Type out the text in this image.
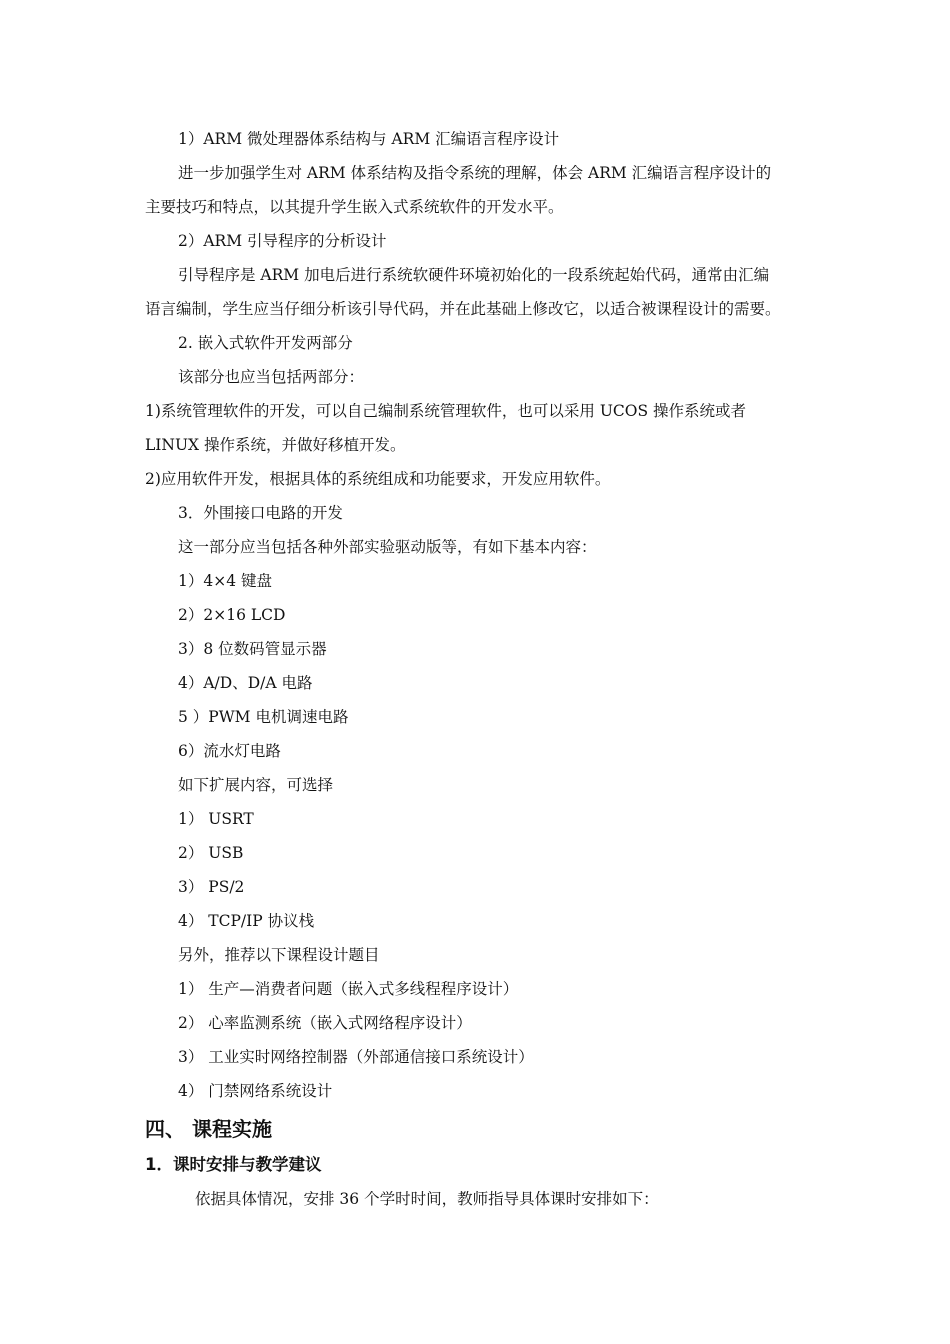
1）ARM 微处理器体系结构与 ARM 汇编语言程序设计
进一步加强学生对 ARM 体系结构及指令系统的理解，体会 ARM 汇编语言程序设计的
主要技巧和特点，以其提升学生嵌入式系统软件的开发水平。
2）ARM 引导程序的分析设计
引导程序是 ARM 加电后进行系统软硬件环境初始化的一段系统起始代码，通常由汇编
语言编制，学生应当仔细分析该引导代码，并在此基础上修改它，以适合被课程设计的需要。
2. 嵌入式软件开发两部分
该部分也应当包括两部分：
1)系统管理软件的开发，可以自己编制系统管理软件，也可以采用 UCOS 操作系统或者
LINUX 操作系统，并做好移植开发。
2)应用软件开发，根据具体的系统组成和功能要求，开发应用软件。
3．外围接口电路的开发
这一部分应当包括各种外部实验驱动版等，有如下基本内容：
1）4×4 键盘
2）2×16 LCD
3）8 位数码管显示器
4）A/D、D/A 电路
5 ）PWM 电机调速电路
6）流水灯电路
如下扩展内容，可选择
1） USRT
2） USB
3） PS/2
4） TCP/IP 协议栈
另外，推荐以下课程设计题目
1） 生产—消费者问题（嵌入式多线程程序设计）
2） 心率监测系统（嵌入式网络程序设计）
3） 工业实时网络控制器（外部通信接口系统设计）
4） 门禁网络系统设计
四、 课程实施
1．课时安排与教学建议
依据具体情况，安排 36 个学时时间，教师指导具体课时安排如下：
